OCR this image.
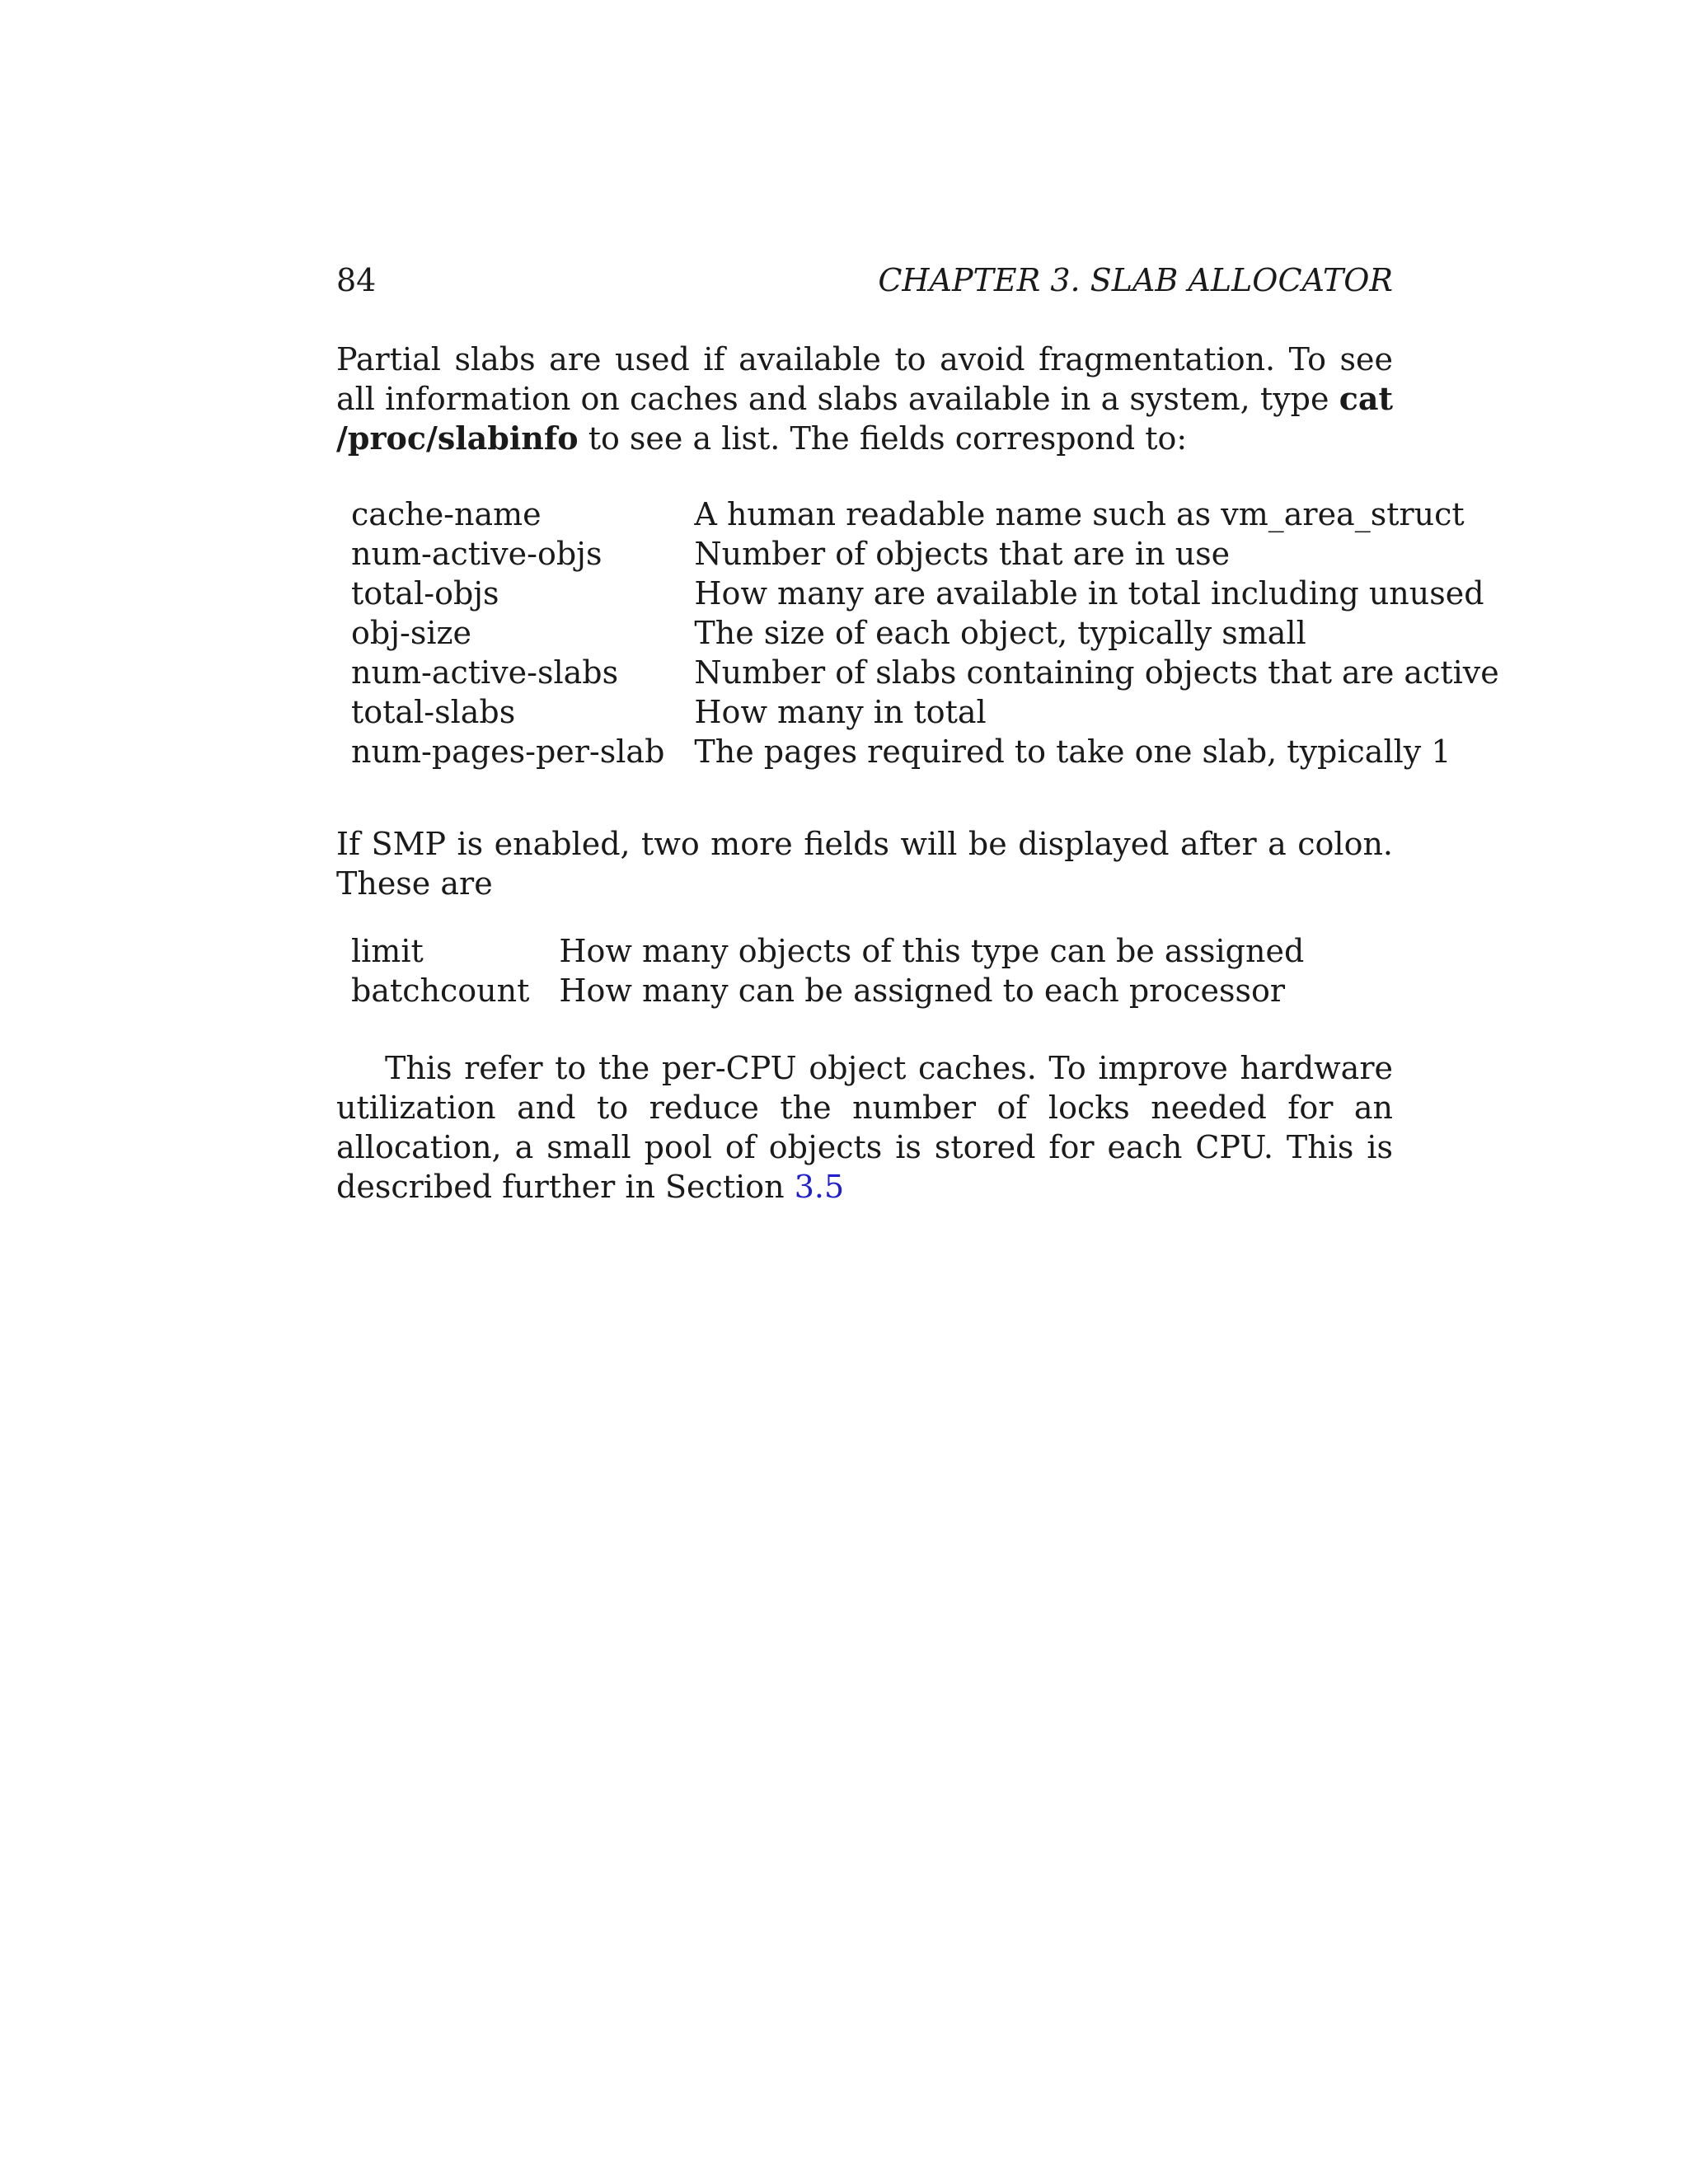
84	CHAPTER 3. SLAB ALLOCATOR

Partial slabs are used if available to avoid fragmentation. To see all information on caches and slabs available in a system, type cat /proc/slabinfo to see a list. The fields correspond to:

cache-name	A human readable name such as vm_area_struct
num-active-objs	Number of objects that are in use
total-objs	How many are available in total including unused
obj-size	The size of each object, typically small
num-active-slabs	Number of slabs containing objects that are active
total-slabs	How many in total
num-pages-per-slab	The pages required to take one slab, typically 1

If SMP is enabled, two more fields will be displayed after a colon. These are

limit	How many objects of this type can be assigned
batchcount	How many can be assigned to each processor

This refer to the per-CPU object caches. To improve hardware utilization and to reduce the number of locks needed for an allocation, a small pool of objects is stored for each CPU. This is described further in Section 3.5
